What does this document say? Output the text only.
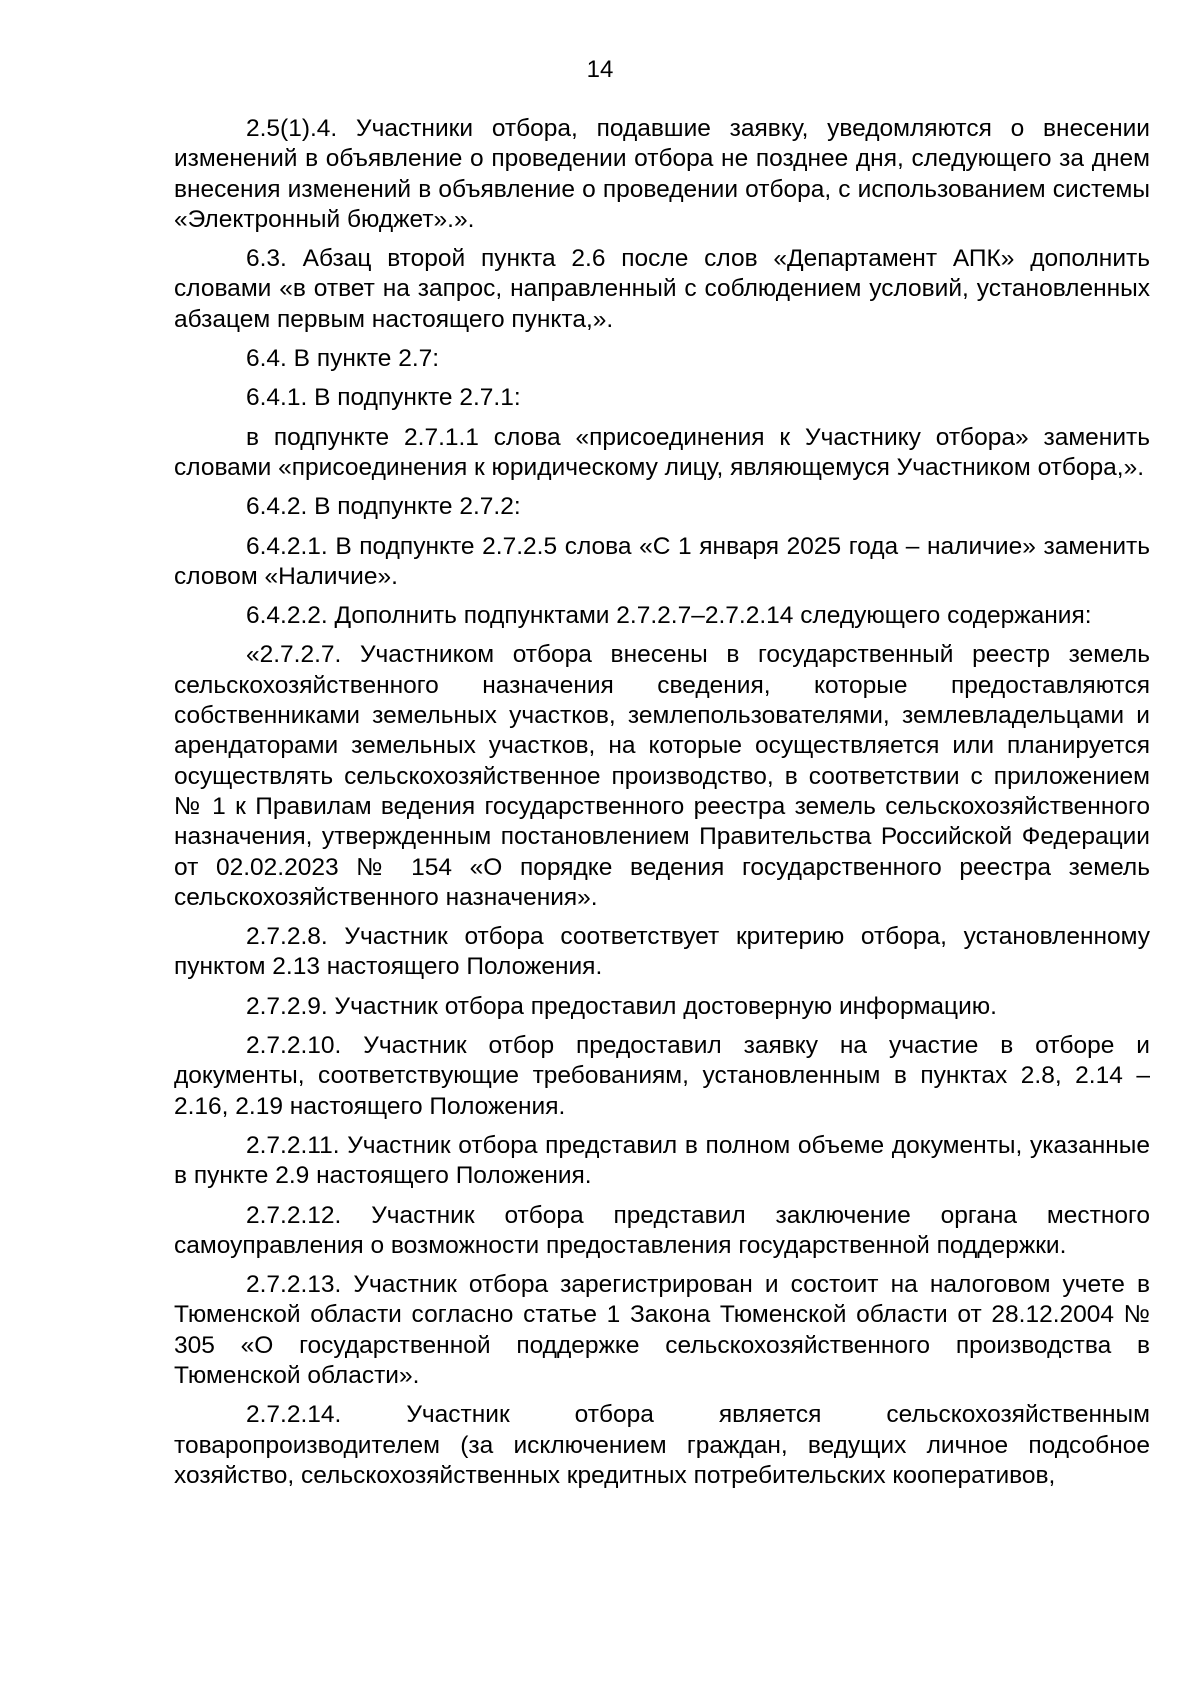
14

2.5(1).4. Участники отбора, подавшие заявку, уведомляются о внесении изменений в объявление о проведении отбора не позднее дня, следующего за днем внесения изменений в объявление о проведении отбора, с использованием системы «Электронный бюджет».».

6.3. Абзац второй пункта 2.6 после слов «Департамент АПК» дополнить словами «в ответ на запрос, направленный с соблюдением условий, установленных абзацем первым настоящего пункта,».

6.4. В пункте 2.7:

6.4.1. В подпункте 2.7.1:

в подпункте 2.7.1.1 слова «присоединения к Участнику отбора» заменить словами «присоединения к юридическому лицу, являющемуся Участником отбора,».

6.4.2. В подпункте 2.7.2:

6.4.2.1. В подпункте 2.7.2.5 слова «С 1 января 2025 года – наличие» заменить словом «Наличие».

6.4.2.2. Дополнить подпунктами 2.7.2.7–2.7.2.14 следующего содержания:

«2.7.2.7. Участником отбора внесены в государственный реестр земель сельскохозяйственного назначения сведения, которые предоставляются собственниками земельных участков, землепользователями, землевладельцами и арендаторами земельных участков, на которые осуществляется или планируется осуществлять сельскохозяйственное производство, в соответствии с приложением № 1 к Правилам ведения государственного реестра земель сельскохозяйственного назначения, утвержденным постановлением Правительства Российской Федерации от 02.02.2023 № 154 «О порядке ведения государственного реестра земель сельскохозяйственного назначения».

2.7.2.8. Участник отбора соответствует критерию отбора, установленному пунктом 2.13 настоящего Положения.

2.7.2.9. Участник отбора предоставил достоверную информацию.

2.7.2.10. Участник отбор предоставил заявку на участие в отборе и документы, соответствующие требованиям, установленным в пунктах 2.8, 2.14 –2.16, 2.19 настоящего Положения.

2.7.2.11. Участник отбора представил в полном объеме документы, указанные в пункте 2.9 настоящего Положения.

2.7.2.12. Участник отбора представил заключение органа местного самоуправления о возможности предоставления государственной поддержки.

2.7.2.13. Участник отбора зарегистрирован и состоит на налоговом учете в Тюменской области согласно статье 1 Закона Тюменской области от 28.12.2004 № 305 «О государственной поддержке сельскохозяйственного производства в Тюменской области».

2.7.2.14. Участник отбора является сельскохозяйственным товаропроизводителем (за исключением граждан, ведущих личное подсобное хозяйство, сельскохозяйственных кредитных потребительских кооперативов,
